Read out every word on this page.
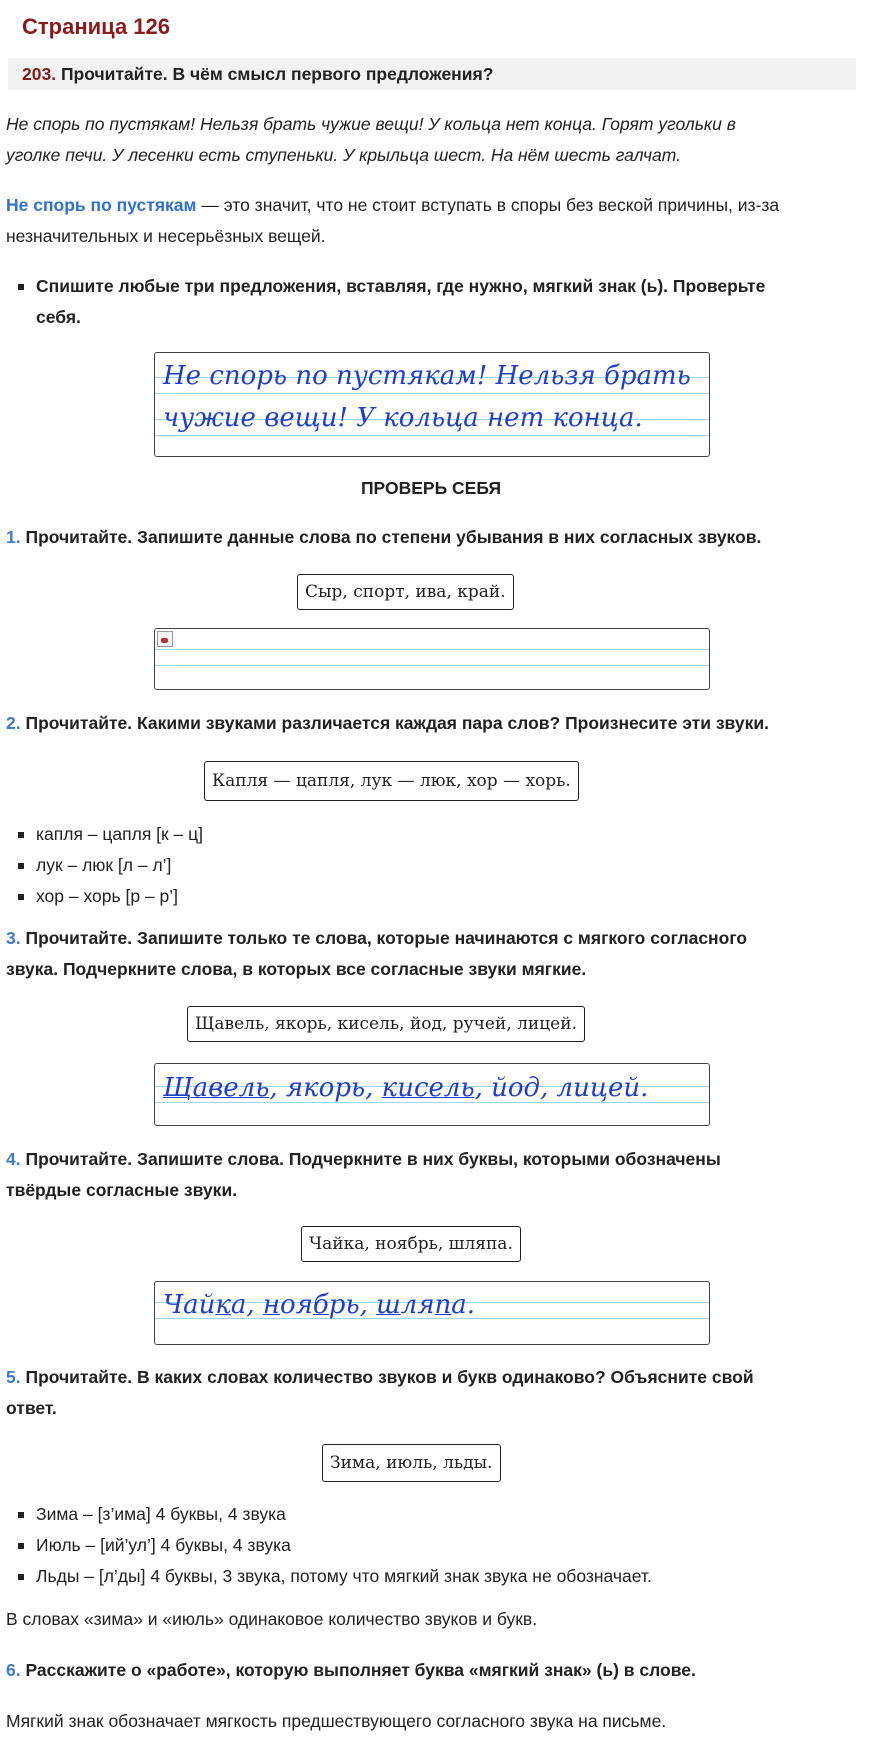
Страница 126
203. Прочитайте. В чём смысл первого предложения?
Не спорь по пустякам! Нельзя брать чужие вещи! У кольца нет конца. Горят угольки в
уголке печи. У лесенки есть ступеньки. У крыльца шест. На нём шесть галчат.
Не спорь по пустякам — это значит, что не стоит вступать в споры без веской причины, из-за
незначительных и несерьёзных вещей.
Спишите любые три предложения, вставляя, где нужно, мягкий знак (ь). Проверьте
себя.
Не спорь по пустякам! Нельзя брать
чужие вещи! У кольца нет конца.
ПРОВЕРЬ СЕБЯ
1. Прочитайте. Запишите данные слова по степени убывания в них согласных звуков.
Сыр, спорт, ива, край.
2. Прочитайте. Какими звуками различается каждая пара слов? Произнесите эти звуки.
Капля — цапля, лук — люк, хор — хорь.
капля – цапля [к – ц]
лук – люк [л – л’]
хор – хорь [р – р’]
3. Прочитайте. Запишите только те слова, которые начинаются с мягкого согласного
звука. Подчеркните слова, в которых все согласные звуки мягкие.
Щавель, якорь, кисель, йод, ручей, лицей.
Щавель, якорь, кисель, йод, лицей.
4. Прочитайте. Запишите слова. Подчеркните в них буквы, которыми обозначены
твёрдые согласные звуки.
Чайка, ноябрь, шляпа.
Чайка, ноябрь, шляпа.
5. Прочитайте. В каких словах количество звуков и букв одинаково? Объясните свой
ответ.
Зима, июль, льды.
Зима – [з’има] 4 буквы, 4 звука
Июль – [ий’ул’] 4 буквы, 4 звука
Льды – [л’ды] 4 буквы, 3 звука, потому что мягкий знак звука не обозначает.
В словах «зима» и «июль» одинаковое количество звуков и букв.
6. Расскажите о «работе», которую выполняет буква «мягкий знак» (ь) в слове.
Мягкий знак обозначает мягкость предшествующего согласного звука на письме.
